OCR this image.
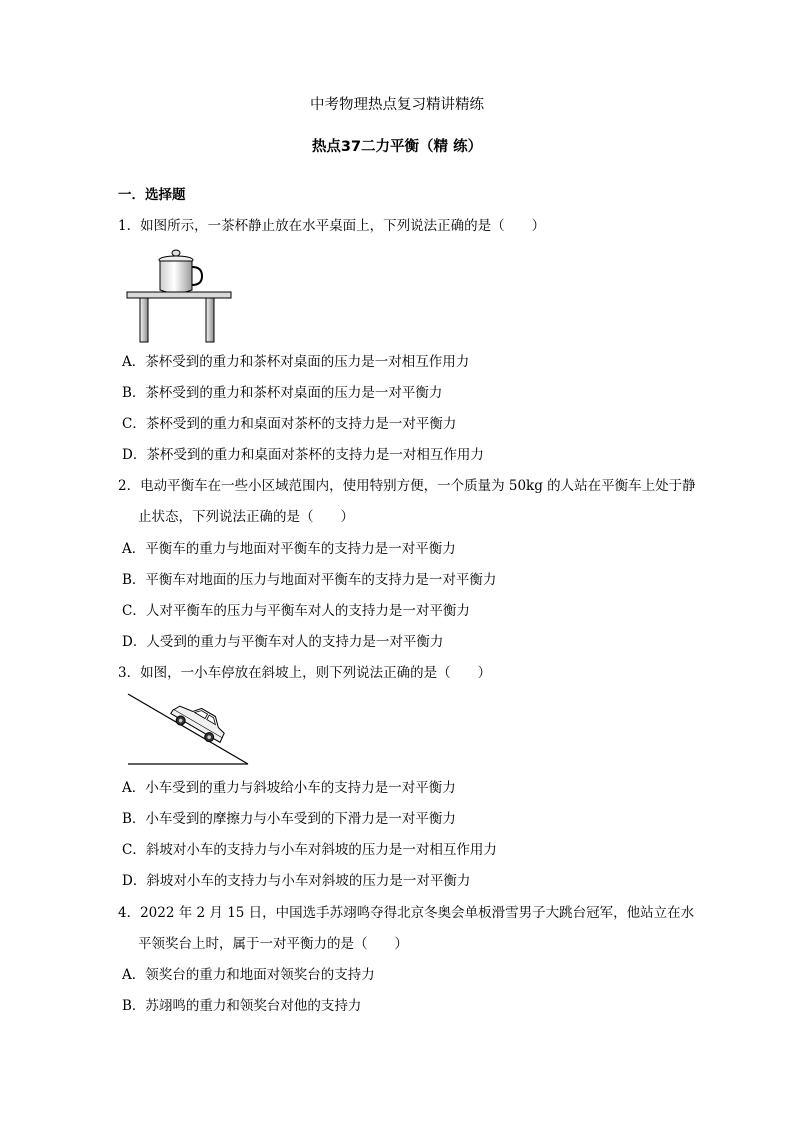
中考物理热点复习精讲精练
热点37二力平衡（精 练）
一．选择题
1．如图所示，一茶杯静止放在水平桌面上，下列说法正确的是（　　）
A．茶杯受到的重力和茶杯对桌面的压力是一对相互作用力
B．茶杯受到的重力和茶杯对桌面的压力是一对平衡力
C．茶杯受到的重力和桌面对茶杯的支持力是一对平衡力
D．茶杯受到的重力和桌面对茶杯的支持力是一对相互作用力
2．电动平衡车在一些小区域范围内，使用特别方便，一个质量为 50kg 的人站在平衡车上处于静
止状态，下列说法正确的是（　　）
A．平衡车的重力与地面对平衡车的支持力是一对平衡力
B．平衡车对地面的压力与地面对平衡车的支持力是一对平衡力
C．人对平衡车的压力与平衡车对人的支持力是一对平衡力
D．人受到的重力与平衡车对人的支持力是一对平衡力
3．如图，一小车停放在斜坡上，则下列说法正确的是（　　）
A．小车受到的重力与斜坡给小车的支持力是一对平衡力
B．小车受到的摩擦力与小车受到的下滑力是一对平衡力
C．斜坡对小车的支持力与小车对斜坡的压力是一对相互作用力
D．斜坡对小车的支持力与小车对斜坡的压力是一对平衡力
4．2022 年 2 月 15 日，中国选手苏翊鸣夺得北京冬奥会单板滑雪男子大跳台冠军，他站立在水
平领奖台上时，属于一对平衡力的是（　　）
A．领奖台的重力和地面对领奖台的支持力
B．苏翊鸣的重力和领奖台对他的支持力
